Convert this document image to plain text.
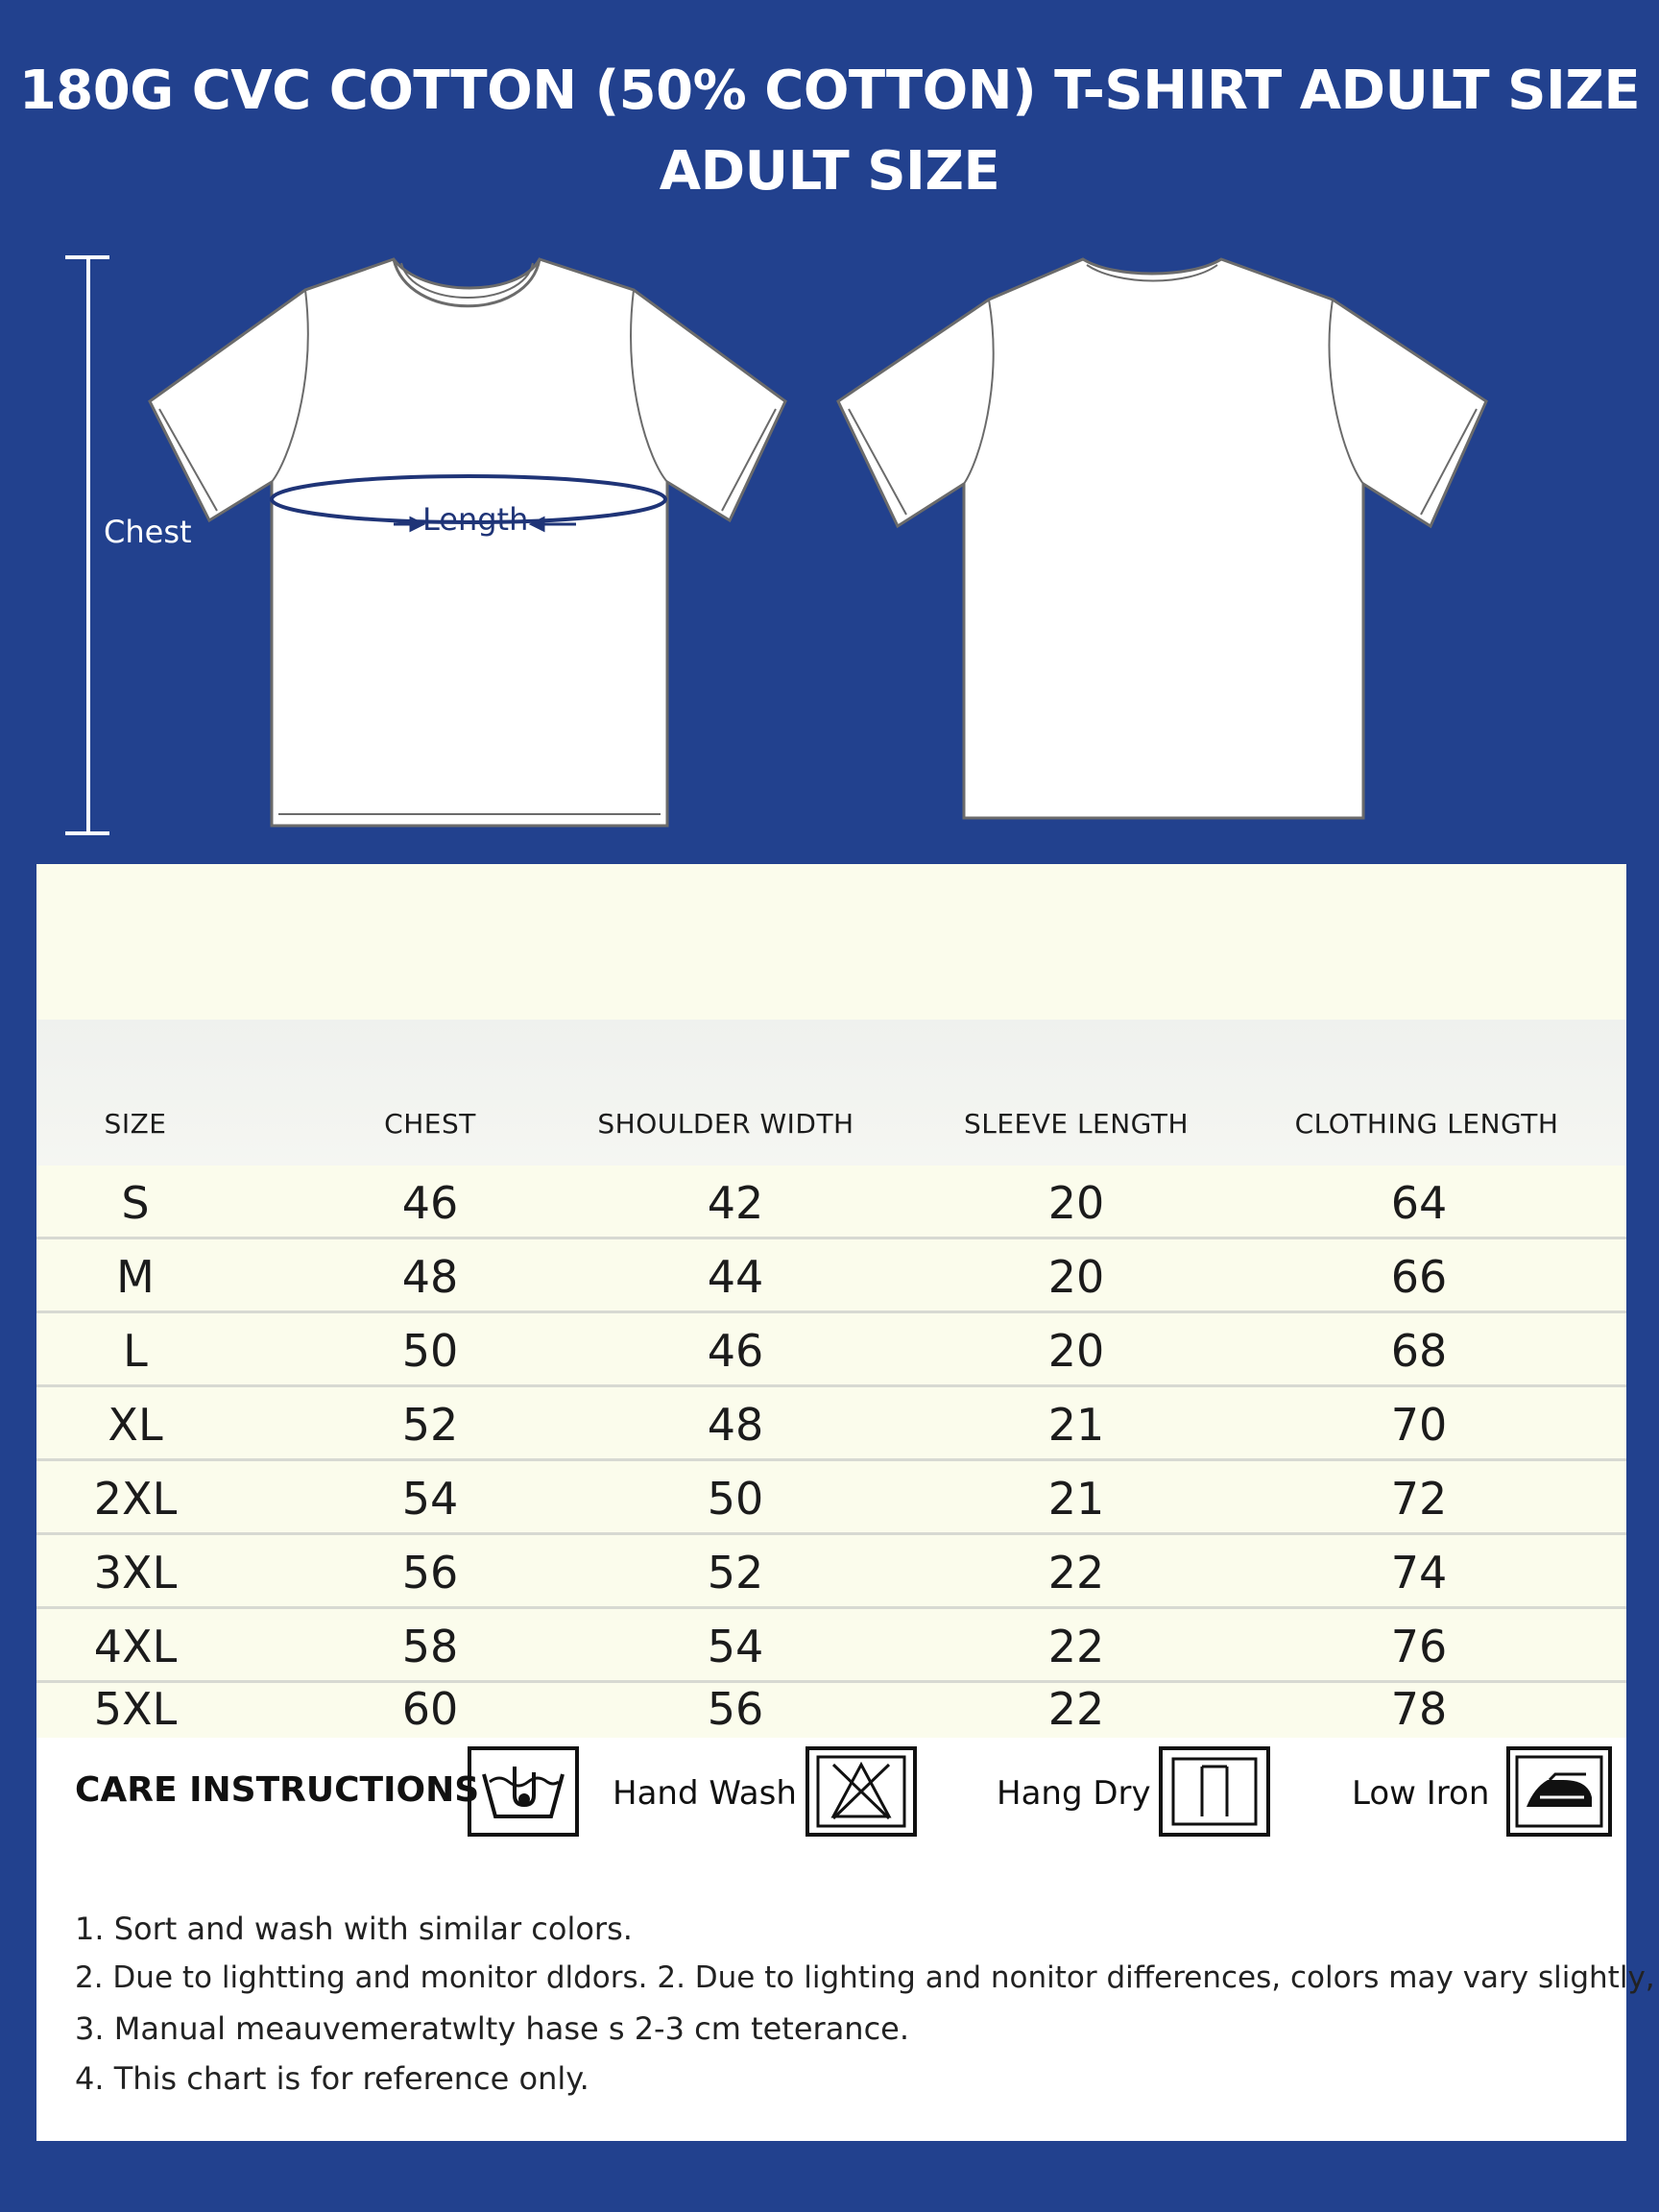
180G CVC COTTON (50% COTTON) T-SHIRT ADULT SIZE
ADULT SIZE
Chest	Length
SIZE	CHEST	SHOULDER WIDTH	SLEEVE LENGTH	CLOTHING LENGTH
S	46	42	20	64
M	48	44	20	66
L	50	46	20	68
XL	52	48	21	70
2XL	54	50	21	72
3XL	56	52	22	74
4XL	58	54	22	76
5XL	60	56	22	78
CARE INSTRUCTIONS	Hand Wash	Hang Dry	Low Iron
1. Sort and wash with similar colors.
2. Due to lightting and monitor dldors. 2. Due to lighting and nonitor differences, colors may vary slightly,
3. Manual meauvemeratwlty hase s 2-3 cm teterance.
4. This chart is for reference only.
